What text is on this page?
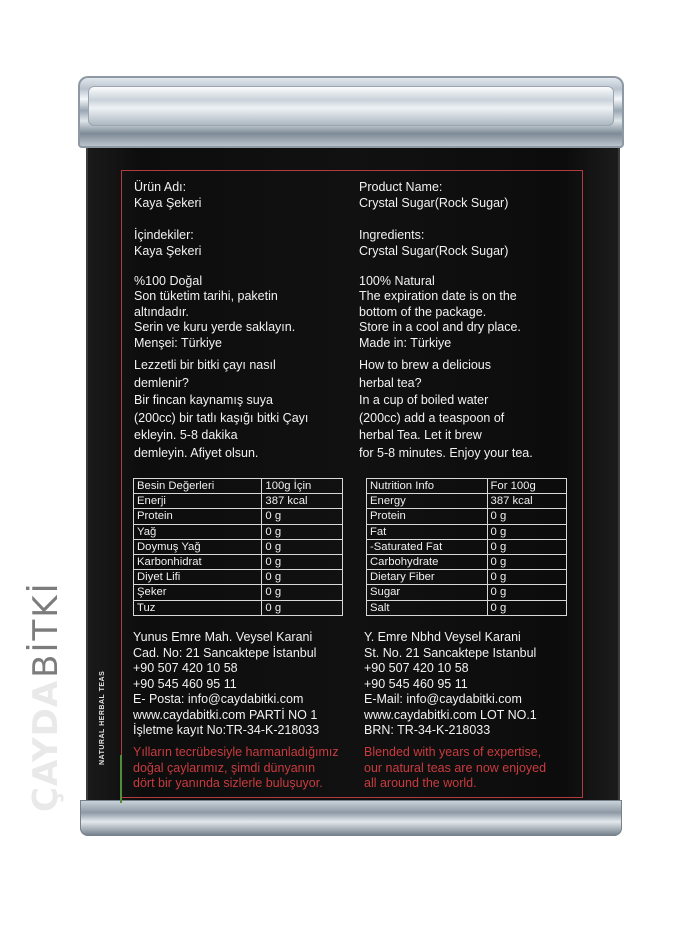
Ürün Adı:
Kaya Şekeri
İçindekiler:
Kaya Şekeri
%100 Doğal
Son tüketim tarihi, paketin
altındadır.
Serin ve kuru yerde saklayın.
Menşei: Türkiye
Lezzetli bir bitki çayı nasıl
demlenir?
Bir fincan kaynamış suya
(200cc) bir tatlı kaşığı bitki Çayı
ekleyin. 5-8 dakika
demleyin. Afiyet olsun.
Product Name:
Crystal Sugar(Rock Sugar)
Ingredients:
Crystal Sugar(Rock Sugar)
100% Natural
The expiration date is on the
bottom of the package.
Store in a cool and dry place.
Made in: Türkiye
How to brew a delicious
herbal tea?
In a cup of boiled water
(200cc) add a teaspoon of
herbal Tea. Let it brew
for 5-8 minutes. Enjoy your tea.
Besin Değerleri	100g İçin
Enerji	387 kcal
Protein	0 g
Yağ	0 g
Doymuş Yağ	0 g
Karbonhidrat	0 g
Diyet Lifi	0 g
Şeker	0 g
Tuz	0 g
Nutrition Info	For 100g
Energy	387 kcal
Protein	0 g
Fat	0 g
-Saturated Fat	0 g
Carbohydrate	0 g
Dietary Fiber	0 g
Sugar	0 g
Salt	0 g
Yunus Emre Mah. Veysel Karani
Cad. No: 21 Sancaktepe İstanbul
+90 507 420 10 58
+90 545 460 95 11
E- Posta: info@caydabitki.com
www.caydabitki.com PARTİ NO 1
İşletme kayıt No:TR-34-K-218033
Y. Emre Nbhd Veysel Karani
St. No. 21 Sancaktepe Istanbul
+90 507 420 10 58
+90 545 460 95 11
E-Mail: info@caydabitki.com
www.caydabitki.com LOT NO.1
BRN: TR-34-K-218033
Yılların tecrübesiyle harmanladığımız
doğal çaylarımız, şimdi dünyanın
dört bir yanında sizlerle buluşuyor.
Blended with years of expertise,
our natural teas are now enjoyed
all around the world.
ÇAYDA
BİTKİ
NATURAL HERBAL TEAS
